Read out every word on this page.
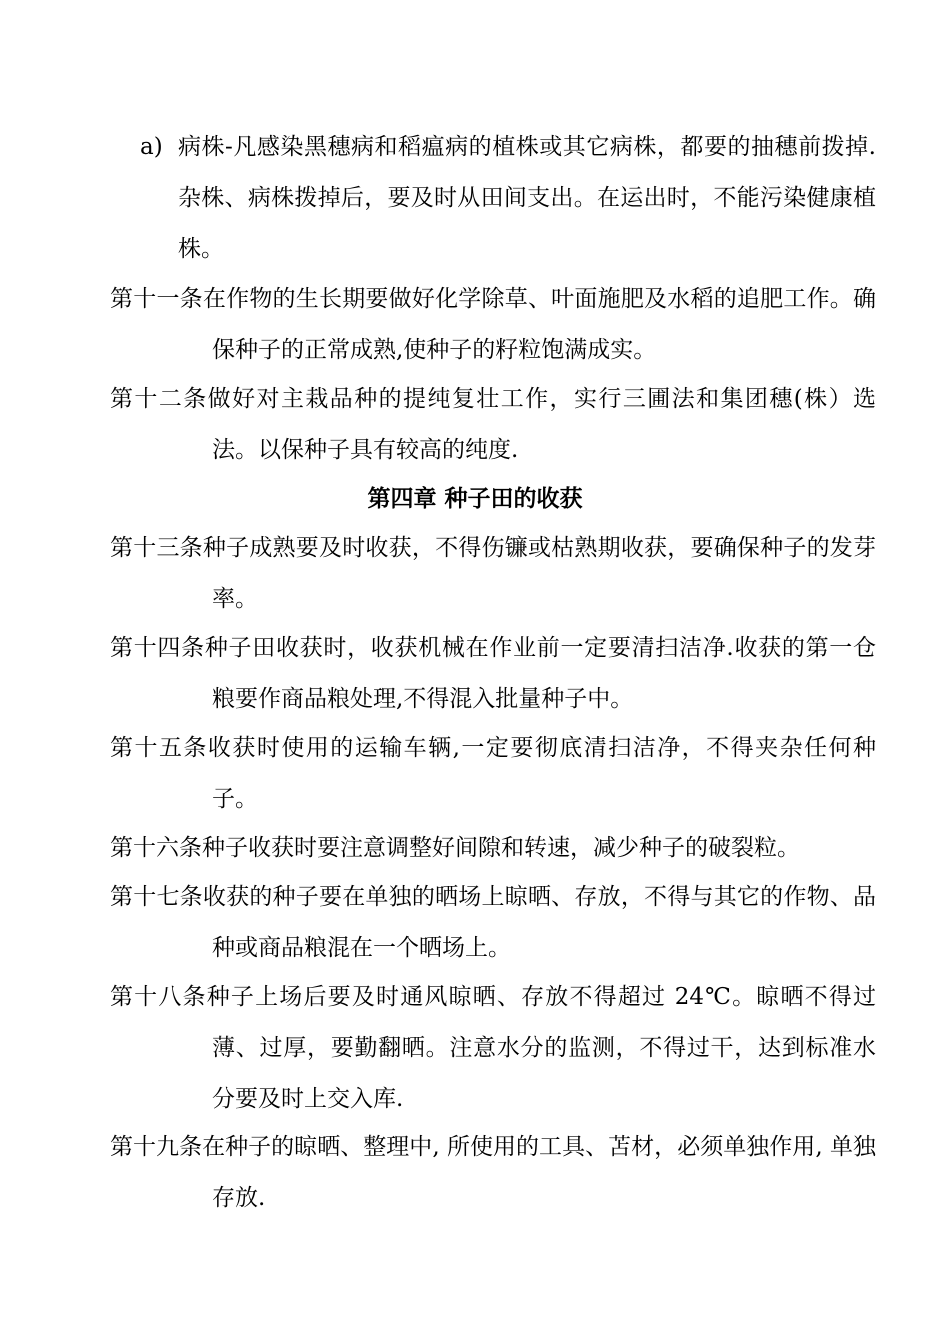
a) 病株-凡感染黑穗病和稻瘟病的植株或其它病株，都要的抽穗前拨掉.杂株、病株拨掉后，要及时从田间支出。在运出时，不能污染健康植株。
第十一条在作物的生长期要做好化学除草、叶面施肥及水稻的追肥工作。确保种子的正常成熟,使种子的籽粒饱满成实。
第十二条做好对主栽品种的提纯复壮工作，实行三圃法和集团穗(株）选法。以保种子具有较高的纯度.
第四章 种子田的收获
第十三条种子成熟要及时收获，不得伤镰或枯熟期收获，要确保种子的发芽率。
第十四条种子田收获时，收获机械在作业前一定要清扫洁净.收获的第一仓粮要作商品粮处理,不得混入批量种子中。
第十五条收获时使用的运输车辆,一定要彻底清扫洁净，不得夹杂任何种子。
第十六条种子收获时要注意调整好间隙和转速，减少种子的破裂粒。
第十七条收获的种子要在单独的晒场上晾晒、存放，不得与其它的作物、品种或商品粮混在一个晒场上。
第十八条种子上场后要及时通风晾晒、存放不得超过 24℃。晾晒不得过薄、过厚，要勤翻晒。注意水分的监测，不得过干，达到标准水分要及时上交入库.
第十九条在种子的晾晒、整理中, 所使用的工具、苫材，必须单独作用, 单独存放.
